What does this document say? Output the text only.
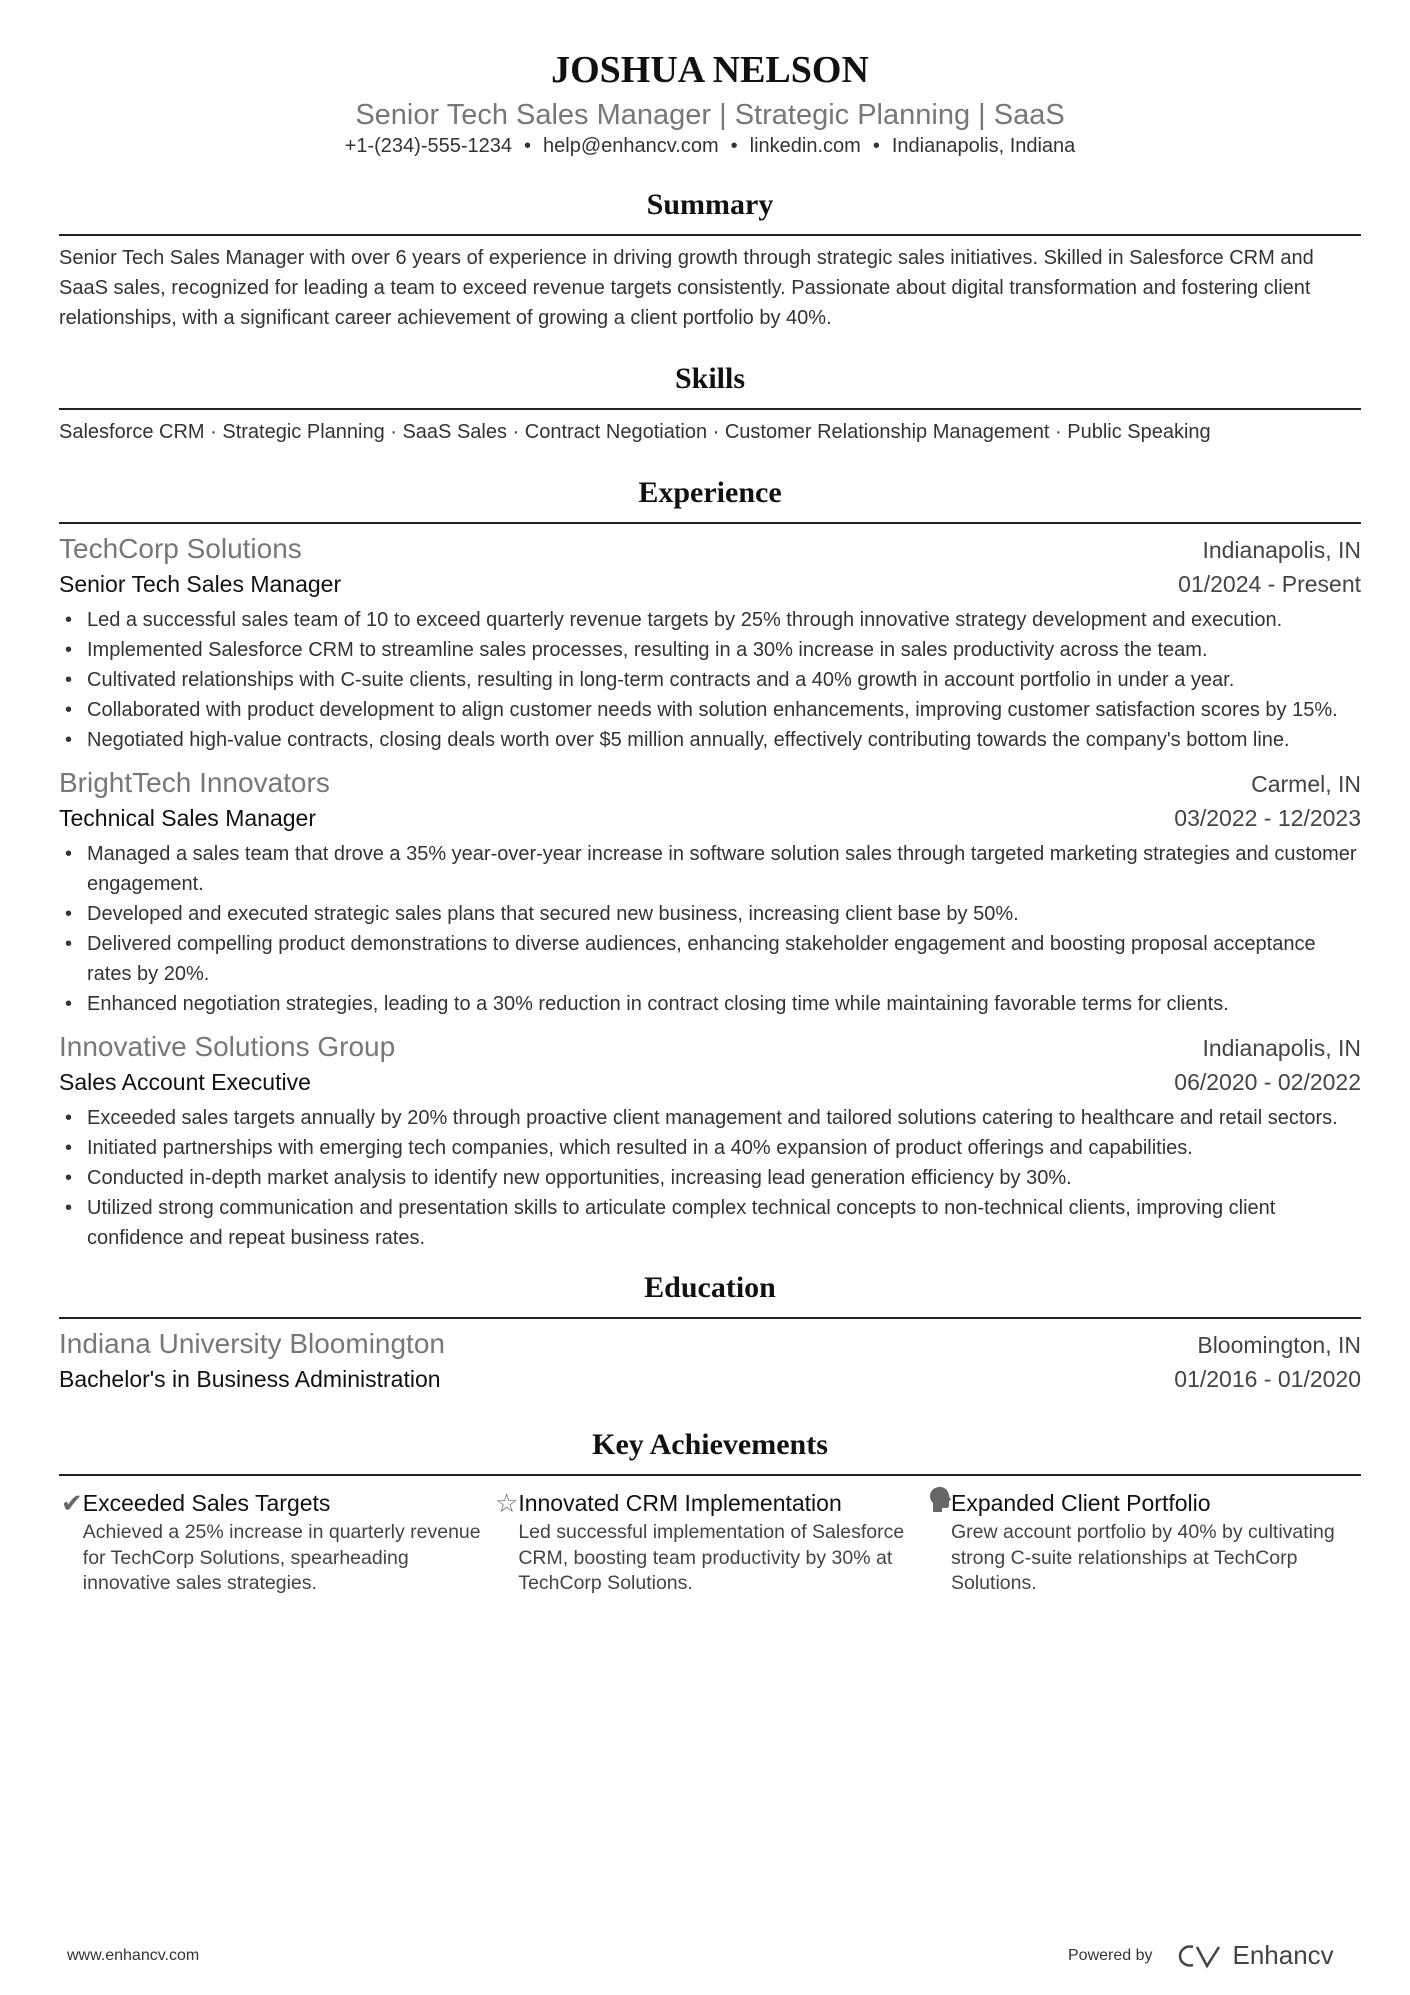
JOSHUA NELSON
Senior Tech Sales Manager | Strategic Planning | SaaS
+1-(234)-555-1234 • help@enhancv.com • linkedin.com • Indianapolis, Indiana
Summary
Senior Tech Sales Manager with over 6 years of experience in driving growth through strategic sales initiatives. Skilled in Salesforce CRM and SaaS sales, recognized for leading a team to exceed revenue targets consistently. Passionate about digital transformation and fostering client relationships, with a significant career achievement of growing a client portfolio by 40%.
Skills
Salesforce CRM · Strategic Planning · SaaS Sales · Contract Negotiation · Customer Relationship Management · Public Speaking
Experience
TechCorp Solutions	Indianapolis, IN
Senior Tech Sales Manager	01/2024 - Present
• Led a successful sales team of 10 to exceed quarterly revenue targets by 25% through innovative strategy development and execution.
• Implemented Salesforce CRM to streamline sales processes, resulting in a 30% increase in sales productivity across the team.
• Cultivated relationships with C-suite clients, resulting in long-term contracts and a 40% growth in account portfolio in under a year.
• Collaborated with product development to align customer needs with solution enhancements, improving customer satisfaction scores by 15%.
• Negotiated high-value contracts, closing deals worth over $5 million annually, effectively contributing towards the company's bottom line.
BrightTech Innovators	Carmel, IN
Technical Sales Manager	03/2022 - 12/2023
• Managed a sales team that drove a 35% year-over-year increase in software solution sales through targeted marketing strategies and customer engagement.
• Developed and executed strategic sales plans that secured new business, increasing client base by 50%.
• Delivered compelling product demonstrations to diverse audiences, enhancing stakeholder engagement and boosting proposal acceptance rates by 20%.
• Enhanced negotiation strategies, leading to a 30% reduction in contract closing time while maintaining favorable terms for clients.
Innovative Solutions Group	Indianapolis, IN
Sales Account Executive	06/2020 - 02/2022
• Exceeded sales targets annually by 20% through proactive client management and tailored solutions catering to healthcare and retail sectors.
• Initiated partnerships with emerging tech companies, which resulted in a 40% expansion of product offerings and capabilities.
• Conducted in-depth market analysis to identify new opportunities, increasing lead generation efficiency by 30%.
• Utilized strong communication and presentation skills to articulate complex technical concepts to non-technical clients, improving client confidence and repeat business rates.
Education
Indiana University Bloomington	Bloomington, IN
Bachelor's in Business Administration	01/2016 - 01/2020
Key Achievements
✔ Exceeded Sales Targets
Achieved a 25% increase in quarterly revenue for TechCorp Solutions, spearheading innovative sales strategies.
☆ Innovated CRM Implementation
Led successful implementation of Salesforce CRM, boosting team productivity by 30% at TechCorp Solutions.
Expanded Client Portfolio
Grew account portfolio by 40% by cultivating strong C-suite relationships at TechCorp Solutions.
www.enhancv.com	Powered by	Enhancv
